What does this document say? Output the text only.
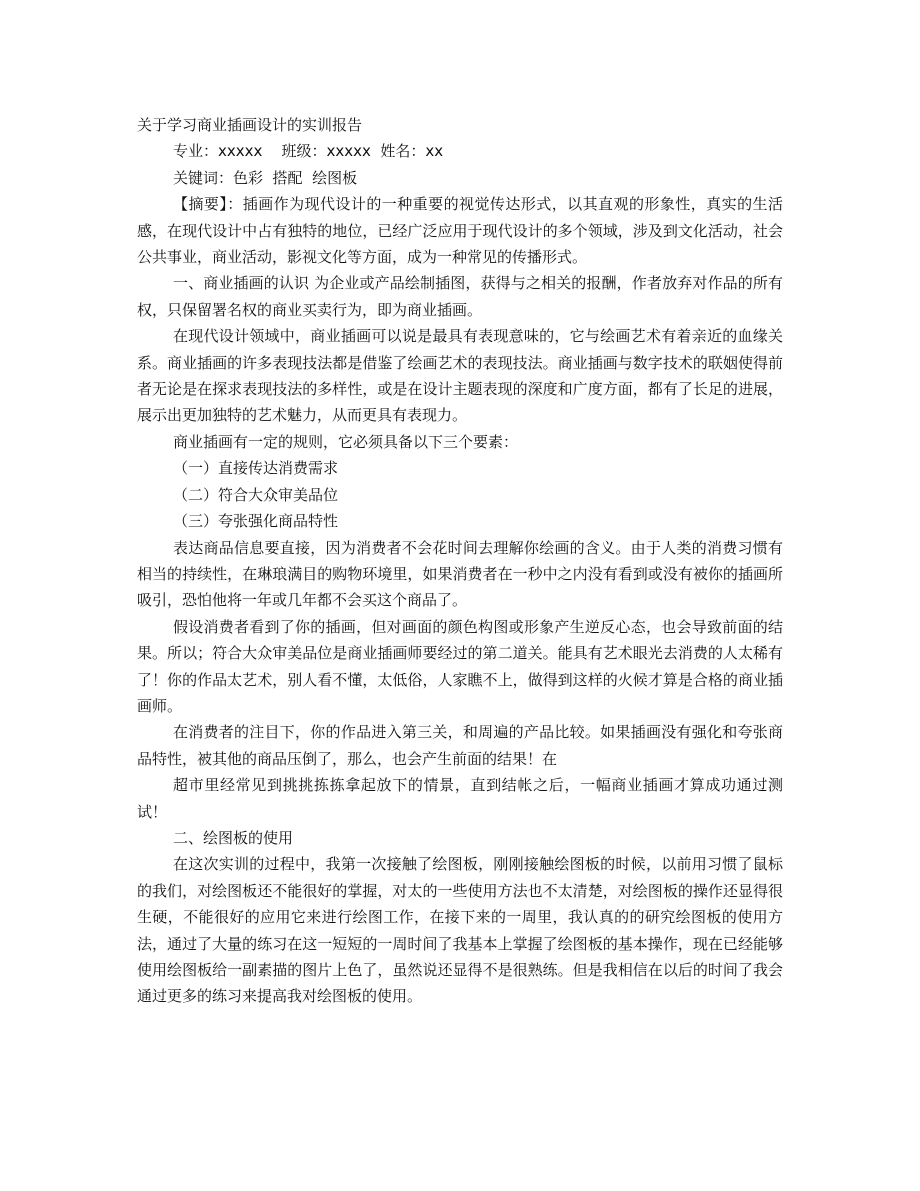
关于学习商业插画设计的实训报告
专业：xxxxx    班级：xxxxx  姓名：xx
关键词：色彩  搭配  绘图板

【摘要】：插画作为现代设计的一种重要的视觉传达形式，以其直观的形象性，真实的生活感，在现代设计中占有独特的地位，已经广泛应用于现代设计的多个领域，涉及到文化活动，社会公共事业，商业活动，影视文化等方面，成为一种常见的传播形式。

一、商业插画的认识 为企业或产品绘制插图，获得与之相关的报酬，作者放弃对作品的所有权，只保留署名权的商业买卖行为，即为商业插画。

在现代设计领域中，商业插画可以说是最具有表现意味的，它与绘画艺术有着亲近的血缘关系。商业插画的许多表现技法都是借鉴了绘画艺术的表现技法。商业插画与数字技术的联姻使得前者无论是在探求表现技法的多样性，或是在设计主题表现的深度和广度方面，都有了长足的进展，展示出更加独特的艺术魅力，从而更具有表现力。

商业插画有一定的规则，它必须具备以下三个要素：

（一）直接传达消费需求
（二）符合大众审美品位
（三）夸张强化商品特性

表达商品信息要直接，因为消费者不会花时间去理解你绘画的含义。由于人类的消费习惯有相当的持续性，在琳琅满目的购物环境里，如果消费者在一秒中之内没有看到或没有被你的插画所吸引，恐怕他将一年或几年都不会买这个商品了。

假设消费者看到了你的插画，但对画面的颜色构图或形象产生逆反心态，也会导致前面的结果。所以；符合大众审美品位是商业插画师要经过的第二道关。能具有艺术眼光去消费的人太稀有了！你的作品太艺术，别人看不懂，太低俗，人家瞧不上，做得到这样的火候才算是合格的商业插画师。

在消费者的注目下，你的作品进入第三关，和周遍的产品比较。如果插画没有强化和夸张商品特性，被其他的商品压倒了，那么，也会产生前面的结果！在

超市里经常见到挑挑拣拣拿起放下的情景，直到结帐之后，一幅商业插画才算成功通过测试！

二、绘图板的使用

在这次实训的过程中，我第一次接触了绘图板，刚刚接触绘图板的时候，以前用习惯了鼠标的我们，对绘图板还不能很好的掌握，对太的一些使用方法也不太清楚，对绘图板的操作还显得很生硬，不能很好的应用它来进行绘图工作，在接下来的一周里，我认真的的研究绘图板的使用方法，通过了大量的练习在这一短短的一周时间了我基本上掌握了绘图板的基本操作，现在已经能够使用绘图板给一副素描的图片上色了，虽然说还显得不是很熟练。但是我相信在以后的时间了我会通过更多的练习来提高我对绘图板的使用。
